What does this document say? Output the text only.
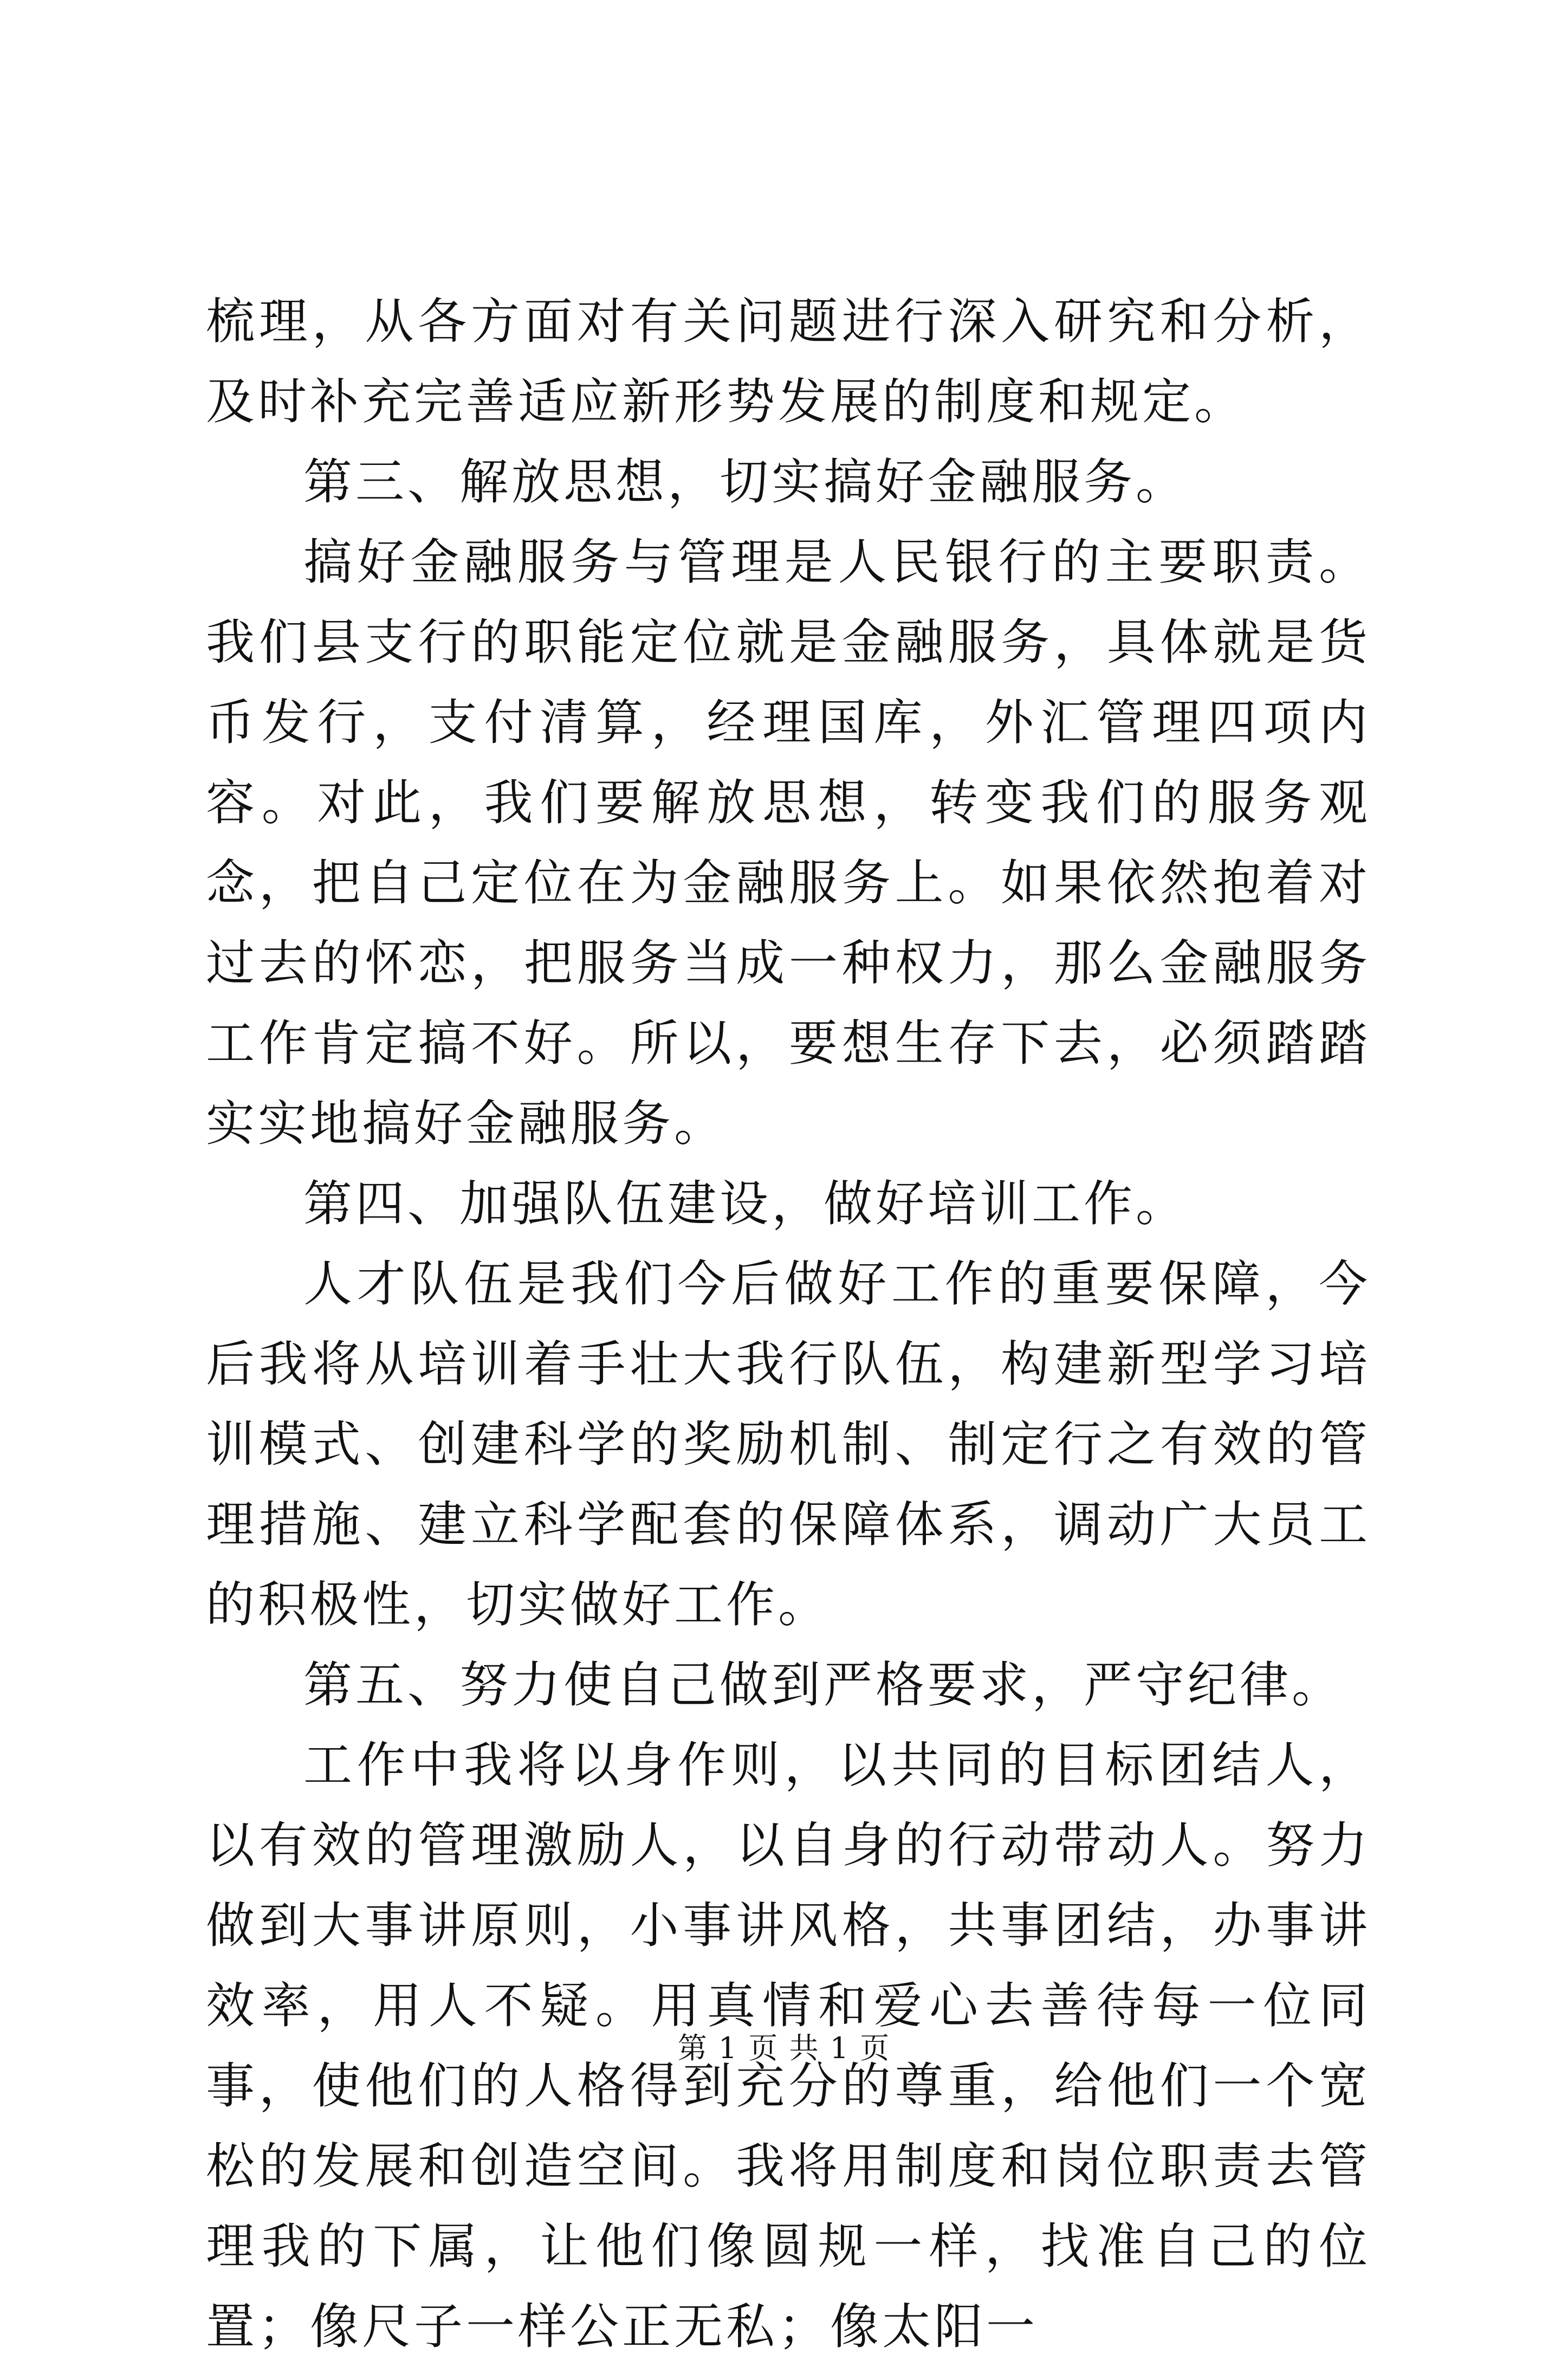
梳理，从各方面对有关问题进行深入研究和分析，及时补充完善适应新形势发展的制度和规定。

第三、解放思想，切实搞好金融服务。

搞好金融服务与管理是人民银行的主要职责。我们县支行的职能定位就是金融服务，具体就是货币发行，支付清算，经理国库，外汇管理四项内容。对此，我们要解放思想，转变我们的服务观念，把自己定位在为金融服务上。如果依然抱着对过去的怀恋，把服务当成一种权力，那么金融服务工作肯定搞不好。所以，要想生存下去，必须踏踏实实地搞好金融服务。

第四、加强队伍建设，做好培训工作。

人才队伍是我们今后做好工作的重要保障，今后我将从培训着手壮大我行队伍，构建新型学习培训模式、创建科学的奖励机制、制定行之有效的管理措施、建立科学配套的保障体系，调动广大员工的积极性，切实做好工作。

第五、努力使自己做到严格要求，严守纪律。

工作中我将以身作则，以共同的目标团结人，以有效的管理激励人，以自身的行动带动人。努力做到大事讲原则，小事讲风格，共事团结，办事讲效率，用人不疑。用真情和爱心去善待每一位同事，使他们的人格得到充分的尊重，给他们一个宽松的发展和创造空间。我将用制度和岗位职责去管理我的下属，让他们像圆规一样，找准自己的位置；像尺子一样公正无私；像太阳一

第 1 页 共 1 页
